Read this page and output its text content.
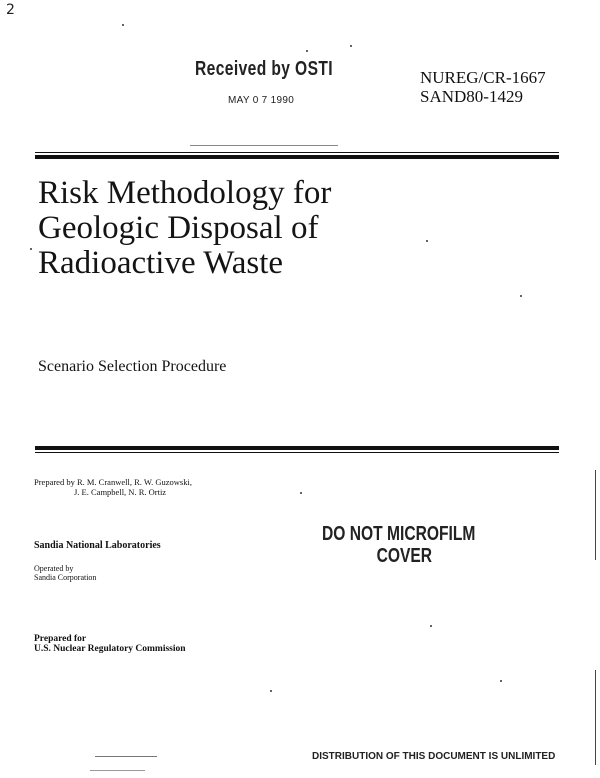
2
Received by OSTI
MAY 0 7 1990
NUREG/CR-1667
SAND80-1429
Risk Methodology for
Geologic Disposal of
Radioactive Waste
Scenario Selection Procedure
Prepared by R. M. Cranwell, R. W. Guzowski,
J. E. Campbell, N. R. Ortiz
Sandia National Laboratories
Operated by
Sandia Corporation
DO NOT MICROFILM
COVER
Prepared for
U.S. Nuclear Regulatory Commission
DISTRIBUTION OF THIS DOCUMENT IS UNLIMITED
